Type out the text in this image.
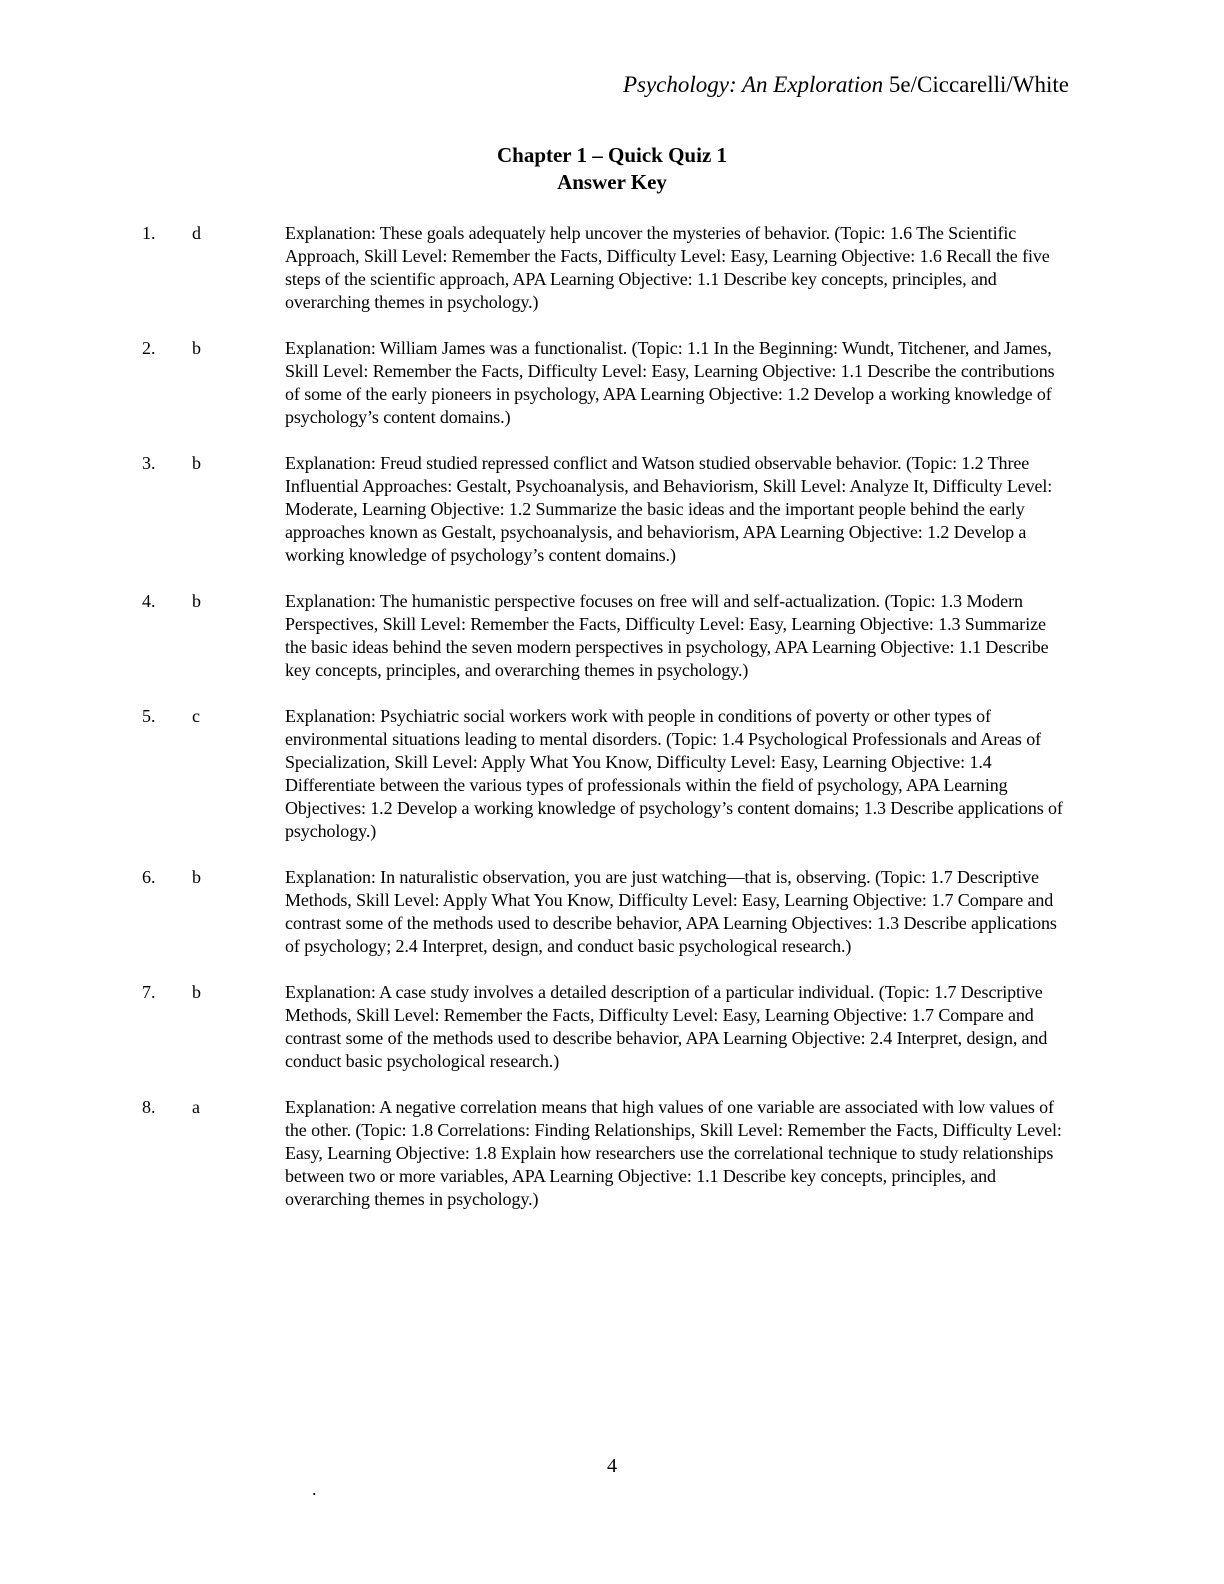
Psychology: An Exploration 5e/Ciccarelli/White
Chapter 1 – Quick Quiz 1
Answer Key
1. d	Explanation: These goals adequately help uncover the mysteries of behavior. (Topic: 1.6 The Scientific Approach, Skill Level: Remember the Facts, Difficulty Level: Easy, Learning Objective: 1.6 Recall the five steps of the scientific approach, APA Learning Objective: 1.1 Describe key concepts, principles, and overarching themes in psychology.)
2. b	Explanation: William James was a functionalist. (Topic: 1.1 In the Beginning: Wundt, Titchener, and James, Skill Level: Remember the Facts, Difficulty Level: Easy, Learning Objective: 1.1 Describe the contributions of some of the early pioneers in psychology, APA Learning Objective: 1.2 Develop a working knowledge of psychology’s content domains.)
3. b	Explanation: Freud studied repressed conflict and Watson studied observable behavior. (Topic: 1.2 Three Influential Approaches: Gestalt, Psychoanalysis, and Behaviorism, Skill Level: Analyze It, Difficulty Level: Moderate, Learning Objective: 1.2 Summarize the basic ideas and the important people behind the early approaches known as Gestalt, psychoanalysis, and behaviorism, APA Learning Objective: 1.2 Develop a working knowledge of psychology’s content domains.)
4. b	Explanation: The humanistic perspective focuses on free will and self-actualization. (Topic: 1.3 Modern Perspectives, Skill Level: Remember the Facts, Difficulty Level: Easy, Learning Objective: 1.3 Summarize the basic ideas behind the seven modern perspectives in psychology, APA Learning Objective: 1.1 Describe key concepts, principles, and overarching themes in psychology.)
5. c	Explanation: Psychiatric social workers work with people in conditions of poverty or other types of environmental situations leading to mental disorders. (Topic: 1.4 Psychological Professionals and Areas of Specialization, Skill Level: Apply What You Know, Difficulty Level: Easy, Learning Objective: 1.4 Differentiate between the various types of professionals within the field of psychology, APA Learning Objectives: 1.2 Develop a working knowledge of psychology’s content domains; 1.3 Describe applications of psychology.)
6. b	Explanation: In naturalistic observation, you are just watching—that is, observing. (Topic: 1.7 Descriptive Methods, Skill Level: Apply What You Know, Difficulty Level: Easy, Learning Objective: 1.7 Compare and contrast some of the methods used to describe behavior, APA Learning Objectives: 1.3 Describe applications of psychology; 2.4 Interpret, design, and conduct basic psychological research.)
7. b	Explanation: A case study involves a detailed description of a particular individual. (Topic: 1.7 Descriptive Methods, Skill Level: Remember the Facts, Difficulty Level: Easy, Learning Objective: 1.7 Compare and contrast some of the methods used to describe behavior, APA Learning Objective: 2.4 Interpret, design, and conduct basic psychological research.)
8. a	Explanation: A negative correlation means that high values of one variable are associated with low values of the other. (Topic: 1.8 Correlations: Finding Relationships, Skill Level: Remember the Facts, Difficulty Level: Easy, Learning Objective: 1.8 Explain how researchers use the correlational technique to study relationships between two or more variables, APA Learning Objective: 1.1 Describe key concepts, principles, and overarching themes in psychology.)
4
.
